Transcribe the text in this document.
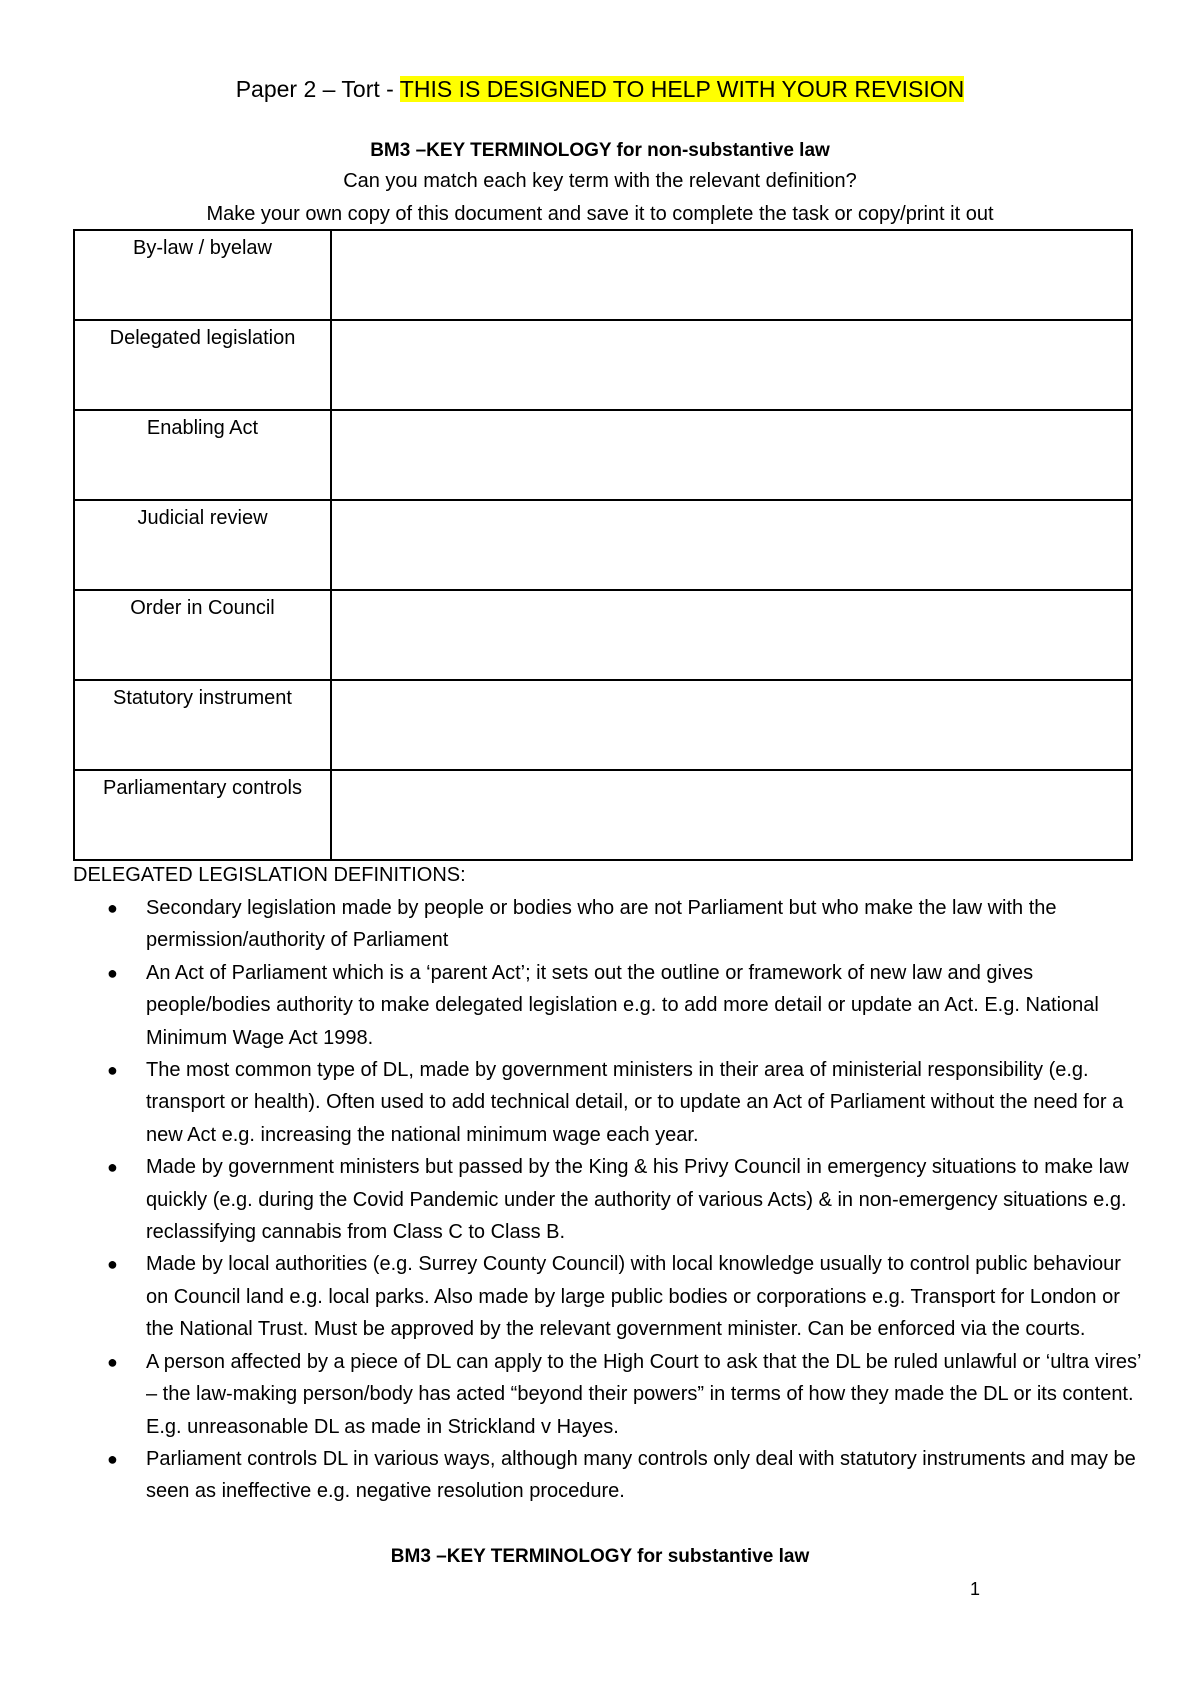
Paper 2 – Tort - THIS IS DESIGNED TO HELP WITH YOUR REVISION
BM3 –KEY TERMINOLOGY for non-substantive law
Can you match each key term with the relevant definition?
Make your own copy of this document and save it to complete the task or copy/print it out
By-law / byelaw	
Delegated legislation	
Enabling Act	
Judicial review	
Order in Council	
Statutory instrument	
Parliamentary controls	
DELEGATED LEGISLATION DEFINITIONS:
● Secondary legislation made by people or bodies who are not Parliament but who make the law with the permission/authority of Parliament
● An Act of Parliament which is a ‘parent Act’; it sets out the outline or framework of new law and gives people/bodies authority to make delegated legislation e.g. to add more detail or update an Act. E.g. National Minimum Wage Act 1998.
● The most common type of DL, made by government ministers in their area of ministerial responsibility (e.g. transport or health). Often used to add technical detail, or to update an Act of Parliament without the need for a new Act e.g. increasing the national minimum wage each year.
● Made by government ministers but passed by the King & his Privy Council in emergency situations to make law quickly (e.g. during the Covid Pandemic under the authority of various Acts) & in non-emergency situations e.g. reclassifying cannabis from Class C to Class B.
● Made by local authorities (e.g. Surrey County Council) with local knowledge usually to control public behaviour on Council land e.g. local parks. Also made by large public bodies or corporations e.g. Transport for London or the National Trust. Must be approved by the relevant government minister. Can be enforced via the courts.
● A person affected by a piece of DL can apply to the High Court to ask that the DL be ruled unlawful or ‘ultra vires’ – the law-making person/body has acted “beyond their powers” in terms of how they made the DL or its content. E.g. unreasonable DL as made in Strickland v Hayes.
● Parliament controls DL in various ways, although many controls only deal with statutory instruments and may be seen as ineffective e.g. negative resolution procedure.
BM3 –KEY TERMINOLOGY for substantive law
1
